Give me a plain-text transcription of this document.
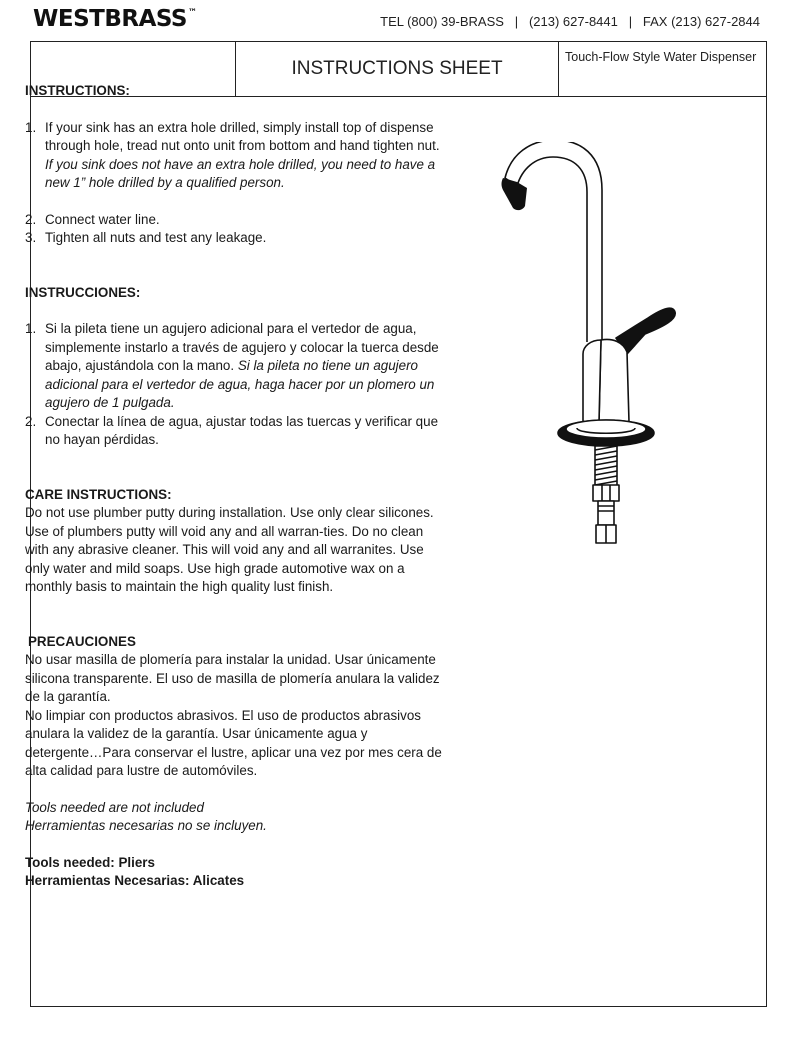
WESTBRASS™
TEL (800) 39-BRASS   |   (213) 627-8441   |   FAX (213) 627-2844
INSTRUCTIONS SHEET
Touch-Flow Style Water Dispenser
INSTRUCTIONS:
1. If your sink has an extra hole drilled, simply install top of dispense through hole, tread nut onto unit from bottom and hand tighten nut.
If you sink does not have an extra hole drilled, you need to have a new 1” hole drilled by a qualified person.
2. Connect water line.
3. Tighten all nuts and test any leakage.
INSTRUCCIONES:
1. Si la pileta tiene un agujero adicional para el vertedor de agua, simplemente instarlo a través de agujero y colocar la tuerca desde abajo, ajustándola con la mano. Si la pileta no tiene un agujero adicional para el vertedor de agua, haga hacer por un plomero un agujero de 1 pulgada.
2. Conectar la línea de agua, ajustar todas las tuercas y verificar que no hayan pérdidas.
CARE INSTRUCTIONS:

Do not use plumber putty during installation. Use only clear silicones. Use of plumbers putty will void any and all warran-ties. Do no clean with any abrasive cleaner. This will void any and all warranites. Use only water and mild soaps. Use high grade automotive wax on a monthly basis to maintain the high quality lust finish.

PRECAUCIONES

No usar masilla de plomería para instalar la unidad. Usar únicamente silicona transparente. El uso de masilla de plomería anulara la validez de la garantía.

No limpiar con productos abrasivos. El uso de productos abrasivos anulara la validez de la garantía. Usar únicamente agua y detergente…Para conservar el lustre, aplicar una vez por mes cera de alta calidad para lustre de automóviles.

Tools needed are not included

Herramientas necesarias no se incluyen.

Tools needed: Pliers

Herramientas Necesarias: Alicates
